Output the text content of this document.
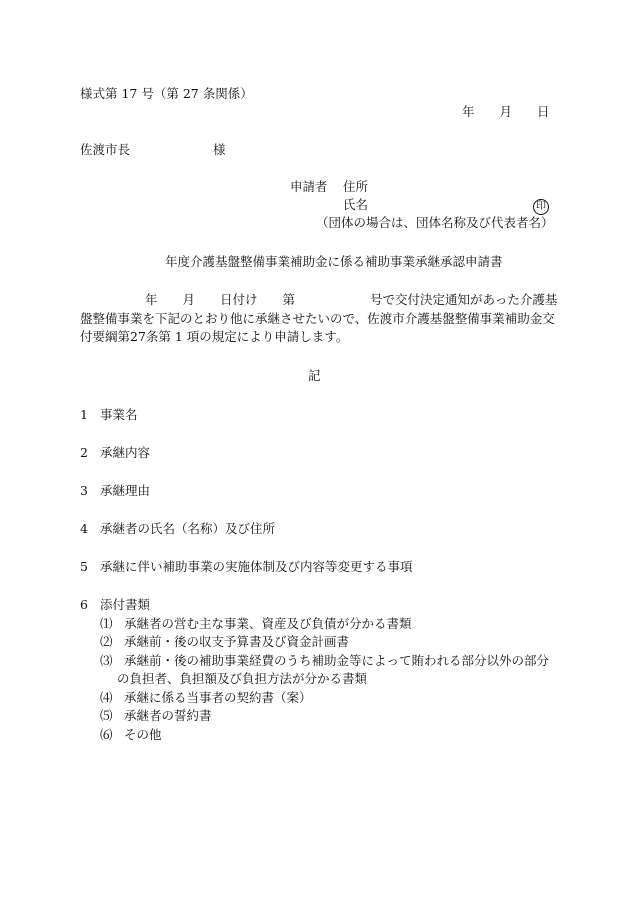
様式第 17 号（第 27 条関係）
年　　月　　日
佐渡市長	様
申請者 住所
氏名	印
（団体の場合は、団体名称及び代表者名）
年度介護基盤整備事業補助金に係る補助事業承継承認申請書
年　　月　　日付け　　第　　　　　　号で交付決定通知があった介護基
盤整備事業を下記のとおり他に承継させたいので、佐渡市介護基盤整備事業補助金交
付要綱第27条第 1 項の規定により申請します。
記
1 事業名
2 承継内容
3 承継理由
4 承継者の氏名（名称）及び住所
5 承継に伴い補助事業の実施体制及び内容等変更する事項
6 添付書類
⑴ 承継者の営む主な事業、資産及び負債が分かる書類
⑵ 承継前・後の収支予算書及び資金計画書
⑶ 承継前・後の補助事業経費のうち補助金等によって賄われる部分以外の部分
の負担者、負担額及び負担方法が分かる書類
⑷ 承継に係る当事者の契約書（案）
⑸ 承継者の誓約書
⑹ その他
